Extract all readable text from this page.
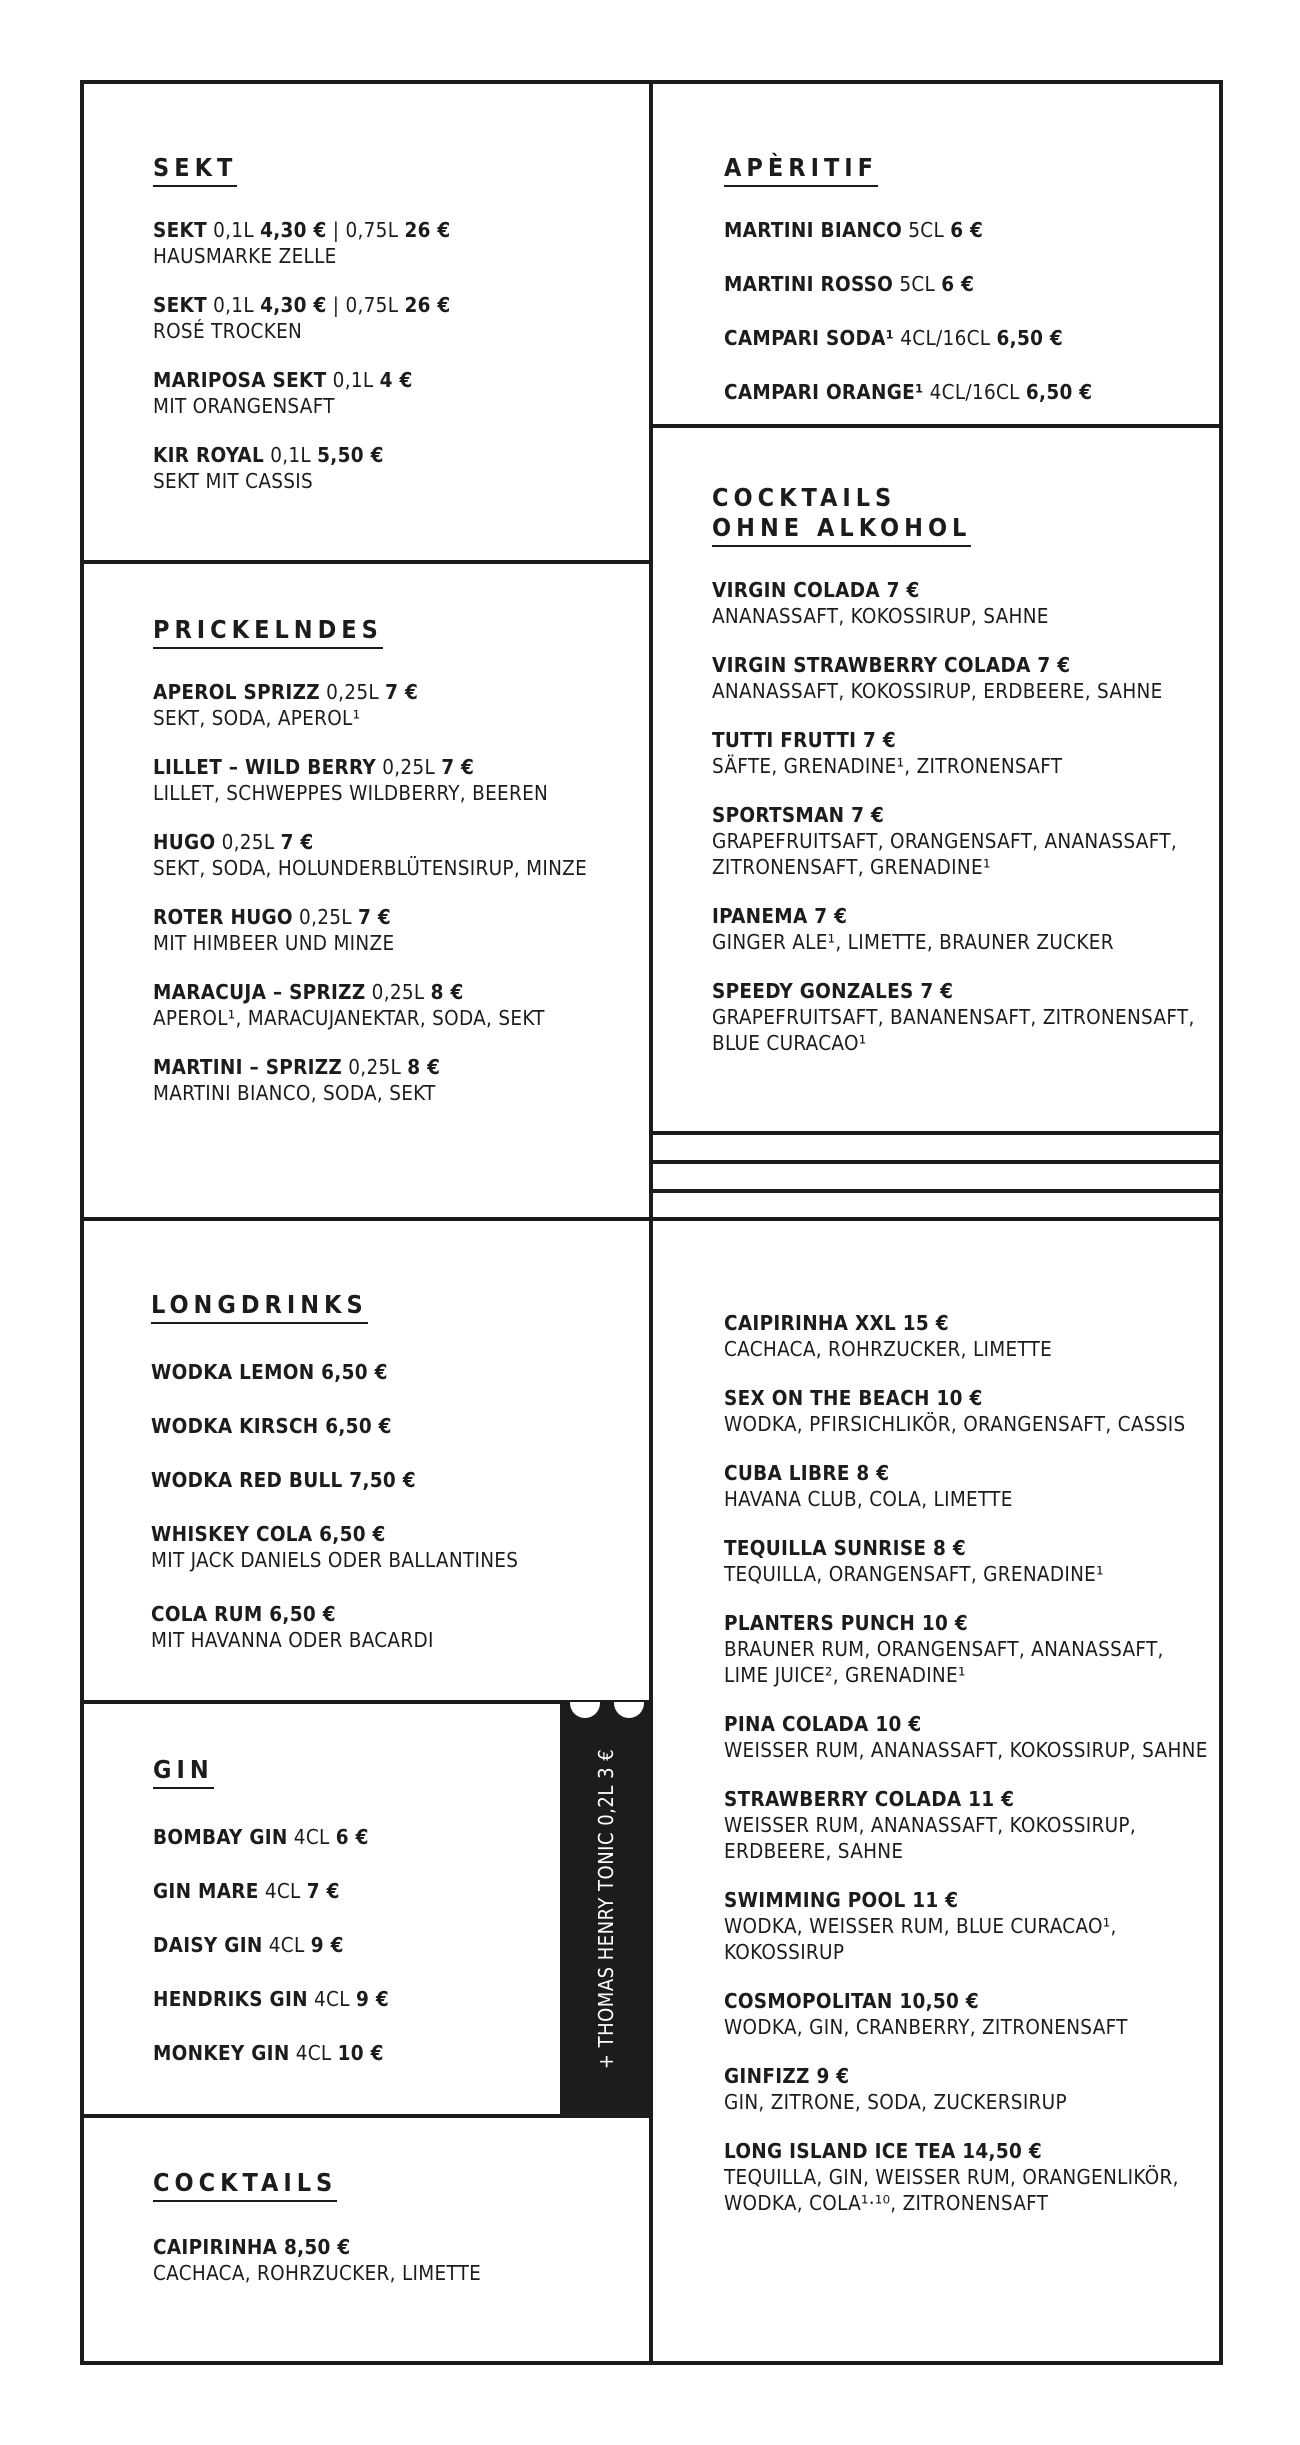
SEKT
SEKT 0,1L 4,30 € | 0,75L 26 €
HAUSMARKE ZELLE
SEKT 0,1L 4,30 € | 0,75L 26 €
ROSÉ TROCKEN
MARIPOSA SEKT 0,1L 4 €
MIT ORANGENSAFT
KIR ROYAL 0,1L 5,50 €
SEKT MIT CASSIS
PRICKELNDES
APEROL SPRIZZ 0,25L 7 €
SEKT, SODA, APEROL¹
LILLET – WILD BERRY 0,25L 7 €
LILLET, SCHWEPPES WILDBERRY, BEEREN
HUGO 0,25L 7 €
SEKT, SODA, HOLUNDERBLÜTENSIRUP, MINZE
ROTER HUGO 0,25L 7 €
MIT HIMBEER UND MINZE
MARACUJA – SPRIZZ 0,25L 8 €
APEROL¹, MARACUJANEKTAR, SODA, SEKT
MARTINI – SPRIZZ 0,25L 8 €
MARTINI BIANCO, SODA, SEKT
LONGDRINKS
WODKA LEMON 6,50 €
WODKA KIRSCH 6,50 €
WODKA RED BULL 7,50 €
WHISKEY COLA 6,50 €
MIT JACK DANIELS ODER BALLANTINES
COLA RUM 6,50 €
MIT HAVANNA ODER BACARDI
GIN
BOMBAY GIN 4CL 6 €
GIN MARE 4CL 7 €
DAISY GIN 4CL 9 €
HENDRIKS GIN 4CL 9 €
MONKEY GIN 4CL 10 €	+ THOMAS HENRY TONIC 0,2L 3 €
COCKTAILS
CAIPIRINHA 8,50 €
CACHACA, ROHRZUCKER, LIMETTE
APÈRITIF
MARTINI BIANCO 5CL 6 €
MARTINI ROSSO 5CL 6 €
CAMPARI SODA¹ 4CL/16CL 6,50 €
CAMPARI ORANGE¹ 4CL/16CL 6,50 €
COCKTAILS
OHNE ALKOHOL
VIRGIN COLADA 7 €
ANANASSAFT, KOKOSSIRUP, SAHNE
VIRGIN STRAWBERRY COLADA 7 €
ANANASSAFT, KOKOSSIRUP, ERDBEERE, SAHNE
TUTTI FRUTTI 7 €
SÄFTE, GRENADINE¹, ZITRONENSAFT
SPORTSMAN 7 €
GRAPEFRUITSAFT, ORANGENSAFT, ANANASSAFT,
ZITRONENSAFT, GRENADINE¹
IPANEMA 7 €
GINGER ALE¹, LIMETTE, BRAUNER ZUCKER
SPEEDY GONZALES 7 €
GRAPEFRUITSAFT, BANANENSAFT, ZITRONENSAFT,
BLUE CURACAO¹
CAIPIRINHA XXL 15 €
CACHACA, ROHRZUCKER, LIMETTE
SEX ON THE BEACH 10 €
WODKA, PFIRSICHLIKÖR, ORANGENSAFT, CASSIS
CUBA LIBRE 8 €
HAVANA CLUB, COLA, LIMETTE
TEQUILLA SUNRISE 8 €
TEQUILLA, ORANGENSAFT, GRENADINE¹
PLANTERS PUNCH 10 €
BRAUNER RUM, ORANGENSAFT, ANANASSAFT,
LIME JUICE², GRENADINE¹
PINA COLADA 10 €
WEISSER RUM, ANANASSAFT, KOKOSSIRUP, SAHNE
STRAWBERRY COLADA 11 €
WEISSER RUM, ANANASSAFT, KOKOSSIRUP,
ERDBEERE, SAHNE
SWIMMING POOL 11 €
WODKA, WEISSER RUM, BLUE CURACAO¹,
KOKOSSIRUP
COSMOPOLITAN 10,50 €
WODKA, GIN, CRANBERRY, ZITRONENSAFT
GINFIZZ 9 €
GIN, ZITRONE, SODA, ZUCKERSIRUP
LONG ISLAND ICE TEA 14,50 €
TEQUILLA, GIN, WEISSER RUM, ORANGENLIKÖR,
WODKA, COLA¹·¹⁰, ZITRONENSAFT
